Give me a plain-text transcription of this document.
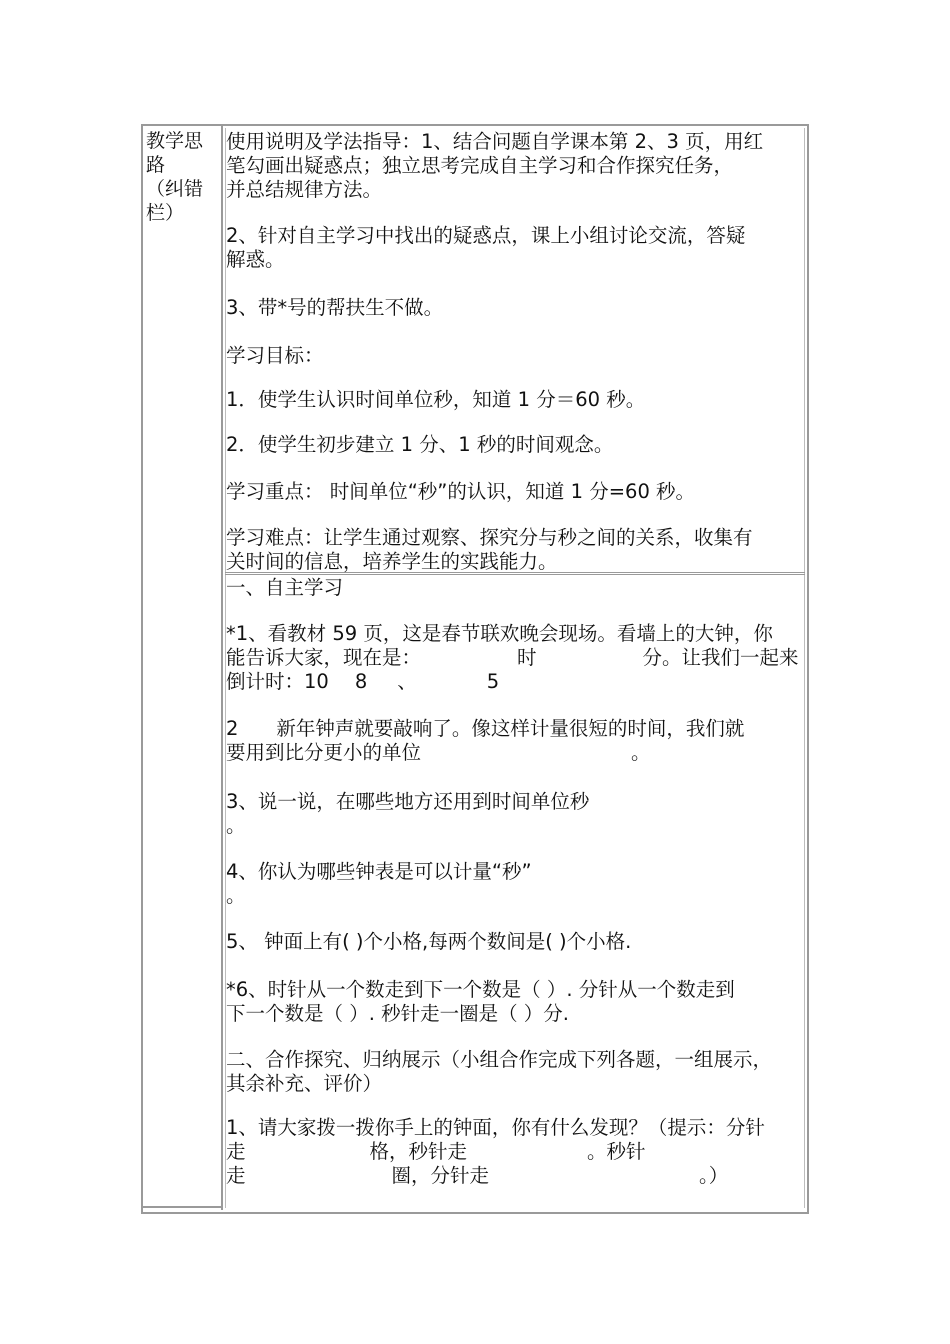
教学思
路
（纠错
栏）
使用说明及学法指导：1、结合问题自学课本第 2、3 页，用红
笔勾画出疑惑点；独立思考完成自主学习和合作探究任务，
并总结规律方法。
2、针对自主学习中找出的疑惑点，课上小组讨论交流，答疑
解惑。
3、带*号的帮扶生不做。
学习目标：
1．使学生认识时间单位秒，知道 1 分＝60 秒。
2．使学生初步建立 1 分、1 秒的时间观念。
学习重点： 时间单位“秒”的认识，知道 1 分=60 秒。
学习难点：让学生通过观察、探究分与秒之间的关系，收集有
关时间的信息，培养学生的实践能力。
一、自主学习
*1、看教材 59 页，这是春节联欢晚会现场。看墙上的大钟，你
能告诉大家，现在是：	时	分。让我们一起来
倒计时：10 8 、	5
2 新年钟声就要敲响了。像这样计量很短的时间，我们就
要用到比分更小的单位	。
3、说一说，在哪些地方还用到时间单位秒
。
4、你认为哪些钟表是可以计量“秒”
。
5、 钟面上有( )个小格,每两个数间是( )个小格.
*6、时针从一个数走到下一个数是（ ）. 分针从一个数走到
下一个数是（ ）. 秒针走一圈是（ ）分.
二、合作探究、归纳展示（小组合作完成下列各题，一组展示，
其余补充、评价）
1、请大家拨一拨你手上的钟面，你有什么发现？（提示：分针
走	格，秒针走	。秒针
走	圈，分针走	。）
